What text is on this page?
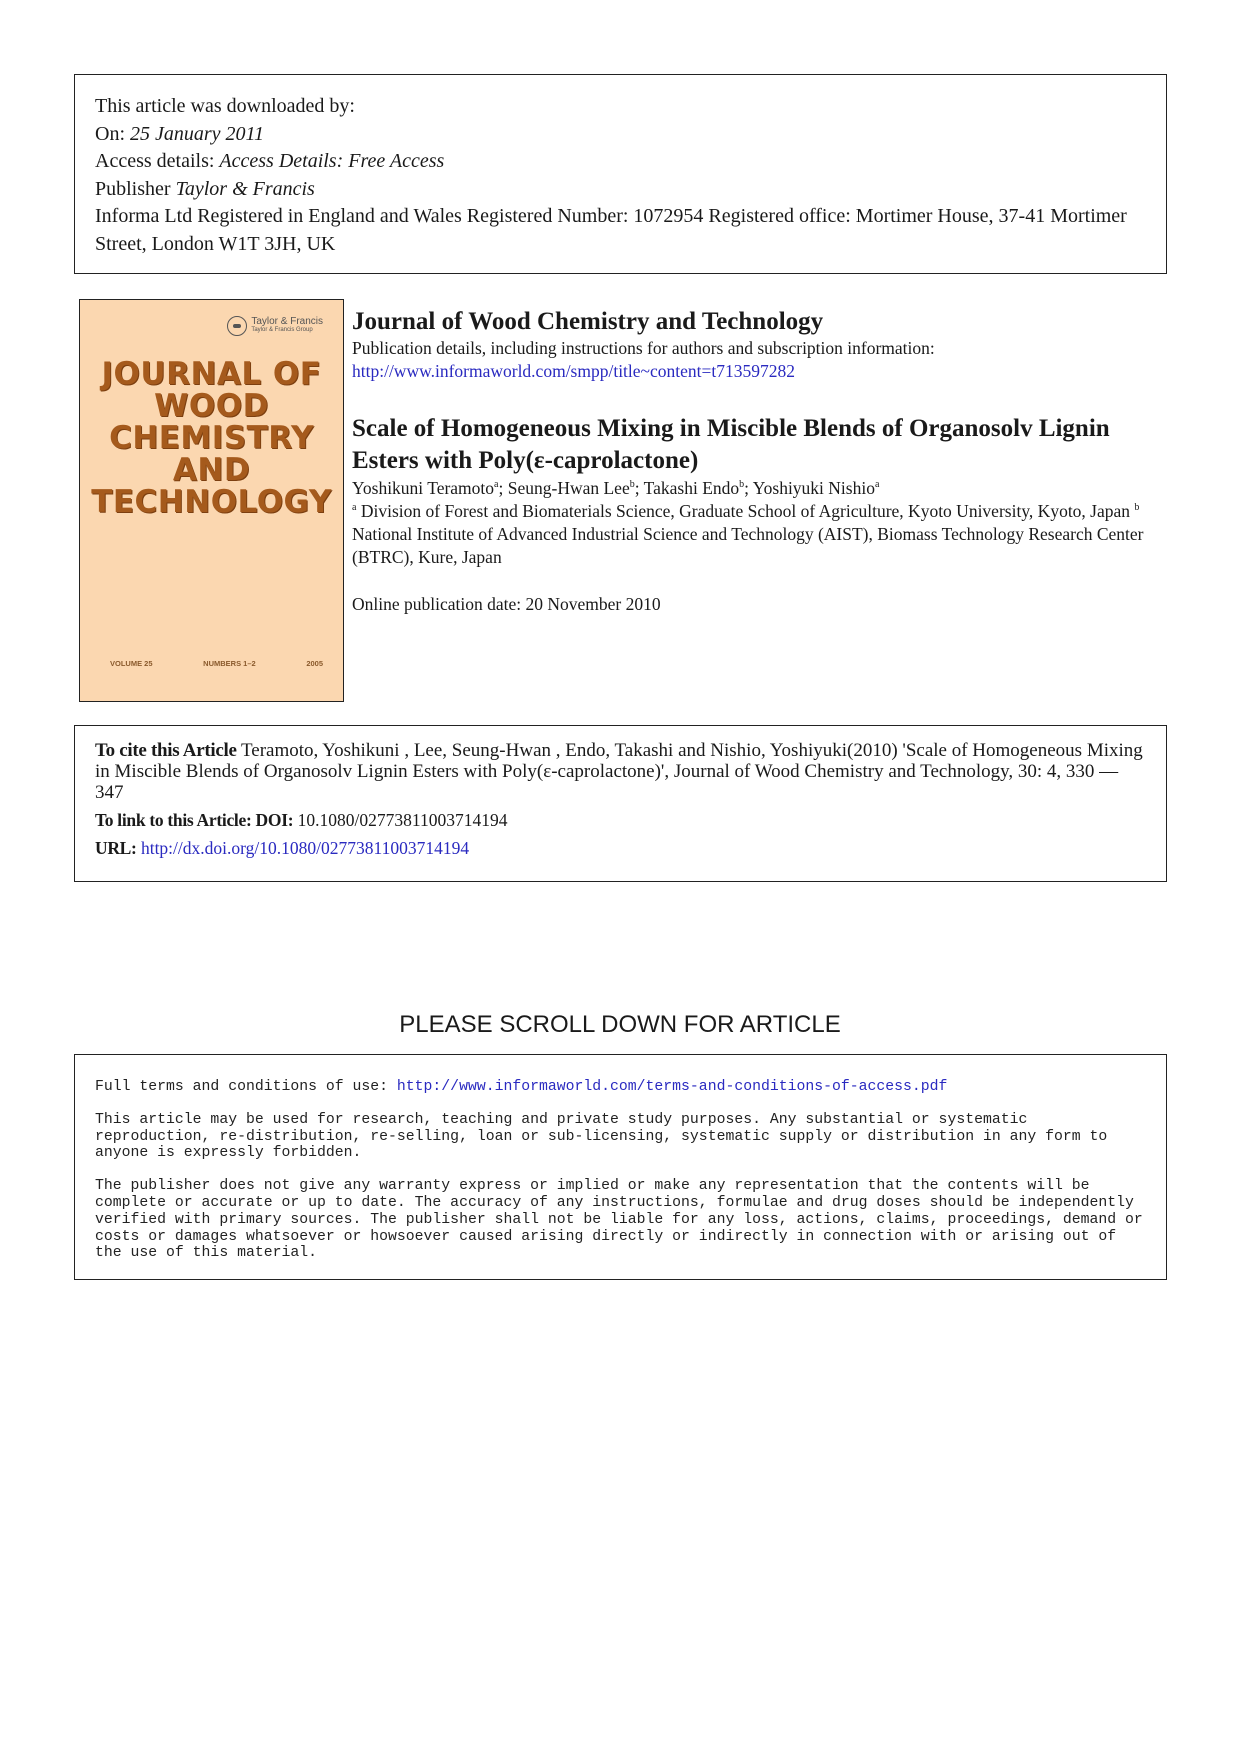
This article was downloaded by:
On: 25 January 2011
Access details: Access Details: Free Access
Publisher Taylor & Francis
Informa Ltd Registered in England and Wales Registered Number: 1072954 Registered office: Mortimer House, 37-41 Mortimer Street, London W1T 3JH, UK
Taylor & Francis
Taylor & Francis Group
JOURNAL OF
WOOD
CHEMISTRY
AND
TECHNOLOGY
VOLUME 25	NUMBERS 1–2	2005
Journal of Wood Chemistry and Technology
Publication details, including instructions for authors and subscription information:
http://www.informaworld.com/smpp/title~content=t713597282
Scale of Homogeneous Mixing in Miscible Blends of Organosolv Lignin Esters with Poly(ε-caprolactone)
Yoshikuni Teramoto$^a$; Seung-Hwan Lee$^b$; Takashi Endo$^b$; Yoshiyuki Nishio$^a$
$^a$ Division of Forest and Biomaterials Science, Graduate School of Agriculture, Kyoto University, Kyoto, Japan $^b$ National Institute of Advanced Industrial Science and Technology (AIST), Biomass Technology Research Center (BTRC), Kure, Japan
Online publication date: 20 November 2010
To cite this Article Teramoto, Yoshikuni , Lee, Seung-Hwan , Endo, Takashi and Nishio, Yoshiyuki(2010) 'Scale of Homogeneous Mixing in Miscible Blends of Organosolv Lignin Esters with Poly(ε-caprolactone)', Journal of Wood Chemistry and Technology, 30: 4, 330 — 347
To link to this Article: DOI: 10.1080/02773811003714194
URL: http://dx.doi.org/10.1080/02773811003714194
PLEASE SCROLL DOWN FOR ARTICLE

Full terms and conditions of use: http://www.informaworld.com/terms-and-conditions-of-access.pdf

This article may be used for research, teaching and private study purposes. Any substantial or systematic reproduction, re-distribution, re-selling, loan or sub-licensing, systematic supply or distribution in any form to anyone is expressly forbidden.

The publisher does not give any warranty express or implied or make any representation that the contents will be complete or accurate or up to date. The accuracy of any instructions, formulae and drug doses should be independently verified with primary sources. The publisher shall not be liable for any loss, actions, claims, proceedings, demand or costs or damages whatsoever or howsoever caused arising directly or indirectly in connection with or arising out of the use of this material.
